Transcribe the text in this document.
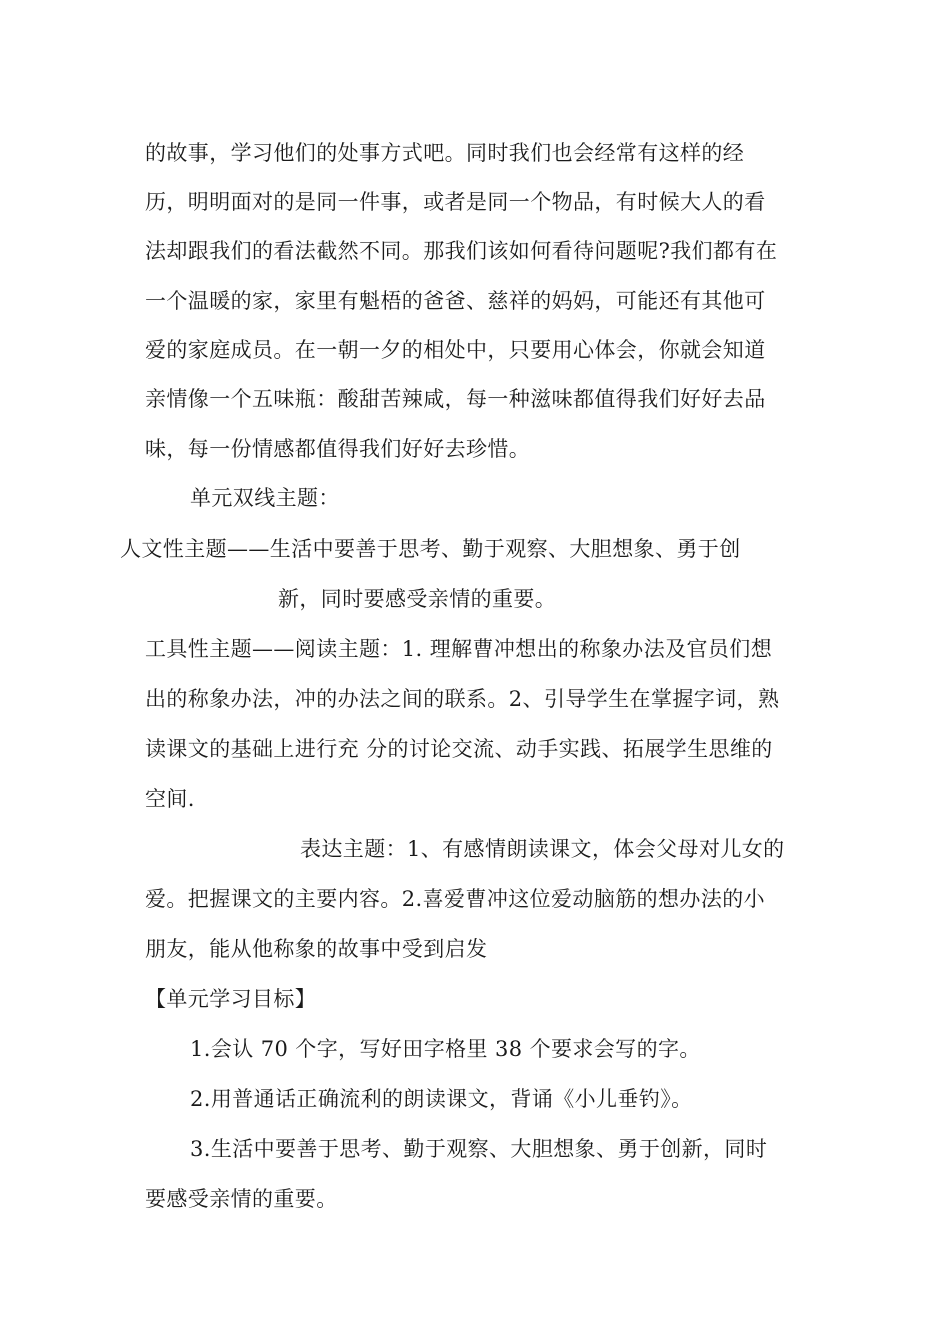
的故事，学习他们的处事方式吧。同时我们也会经常有这样的经
历，明明面对的是同一件事，或者是同一个物品，有时候大人的看
法却跟我们的看法截然不同。那我们该如何看待问题呢?我们都有在
一个温暖的家，家里有魁梧的爸爸、慈祥的妈妈，可能还有其他可
爱的家庭成员。在一朝一夕的相处中，只要用心体会，你就会知道
亲情像一个五味瓶：酸甜苦辣咸，每一种滋味都值得我们好好去品
味，每一份情感都值得我们好好去珍惜。
单元双线主题：
人文性主题——生活中要善于思考、勤于观察、大胆想象、勇于创
新，同时要感受亲情的重要。
工具性主题——阅读主题：1. 理解曹冲想出的称象办法及官员们想
出的称象办法，冲的办法之间的联系。2、引导学生在掌握字词，熟
读课文的基础上进行充 分的讨论交流、动手实践、拓展学生思维的
空间.
表达主题：1、有感情朗读课文，体会父母对儿女的
爱。把握课文的主要内容。2.喜爱曹冲这位爱动脑筋的想办法的小
朋友，能从他称象的故事中受到启发
【单元学习目标】
1.会认 70 个字，写好田字格里 38 个要求会写的字。
2.用普通话正确流利的朗读课文，背诵《小儿垂钓》。
3.生活中要善于思考、勤于观察、大胆想象、勇于创新，同时
要感受亲情的重要。
